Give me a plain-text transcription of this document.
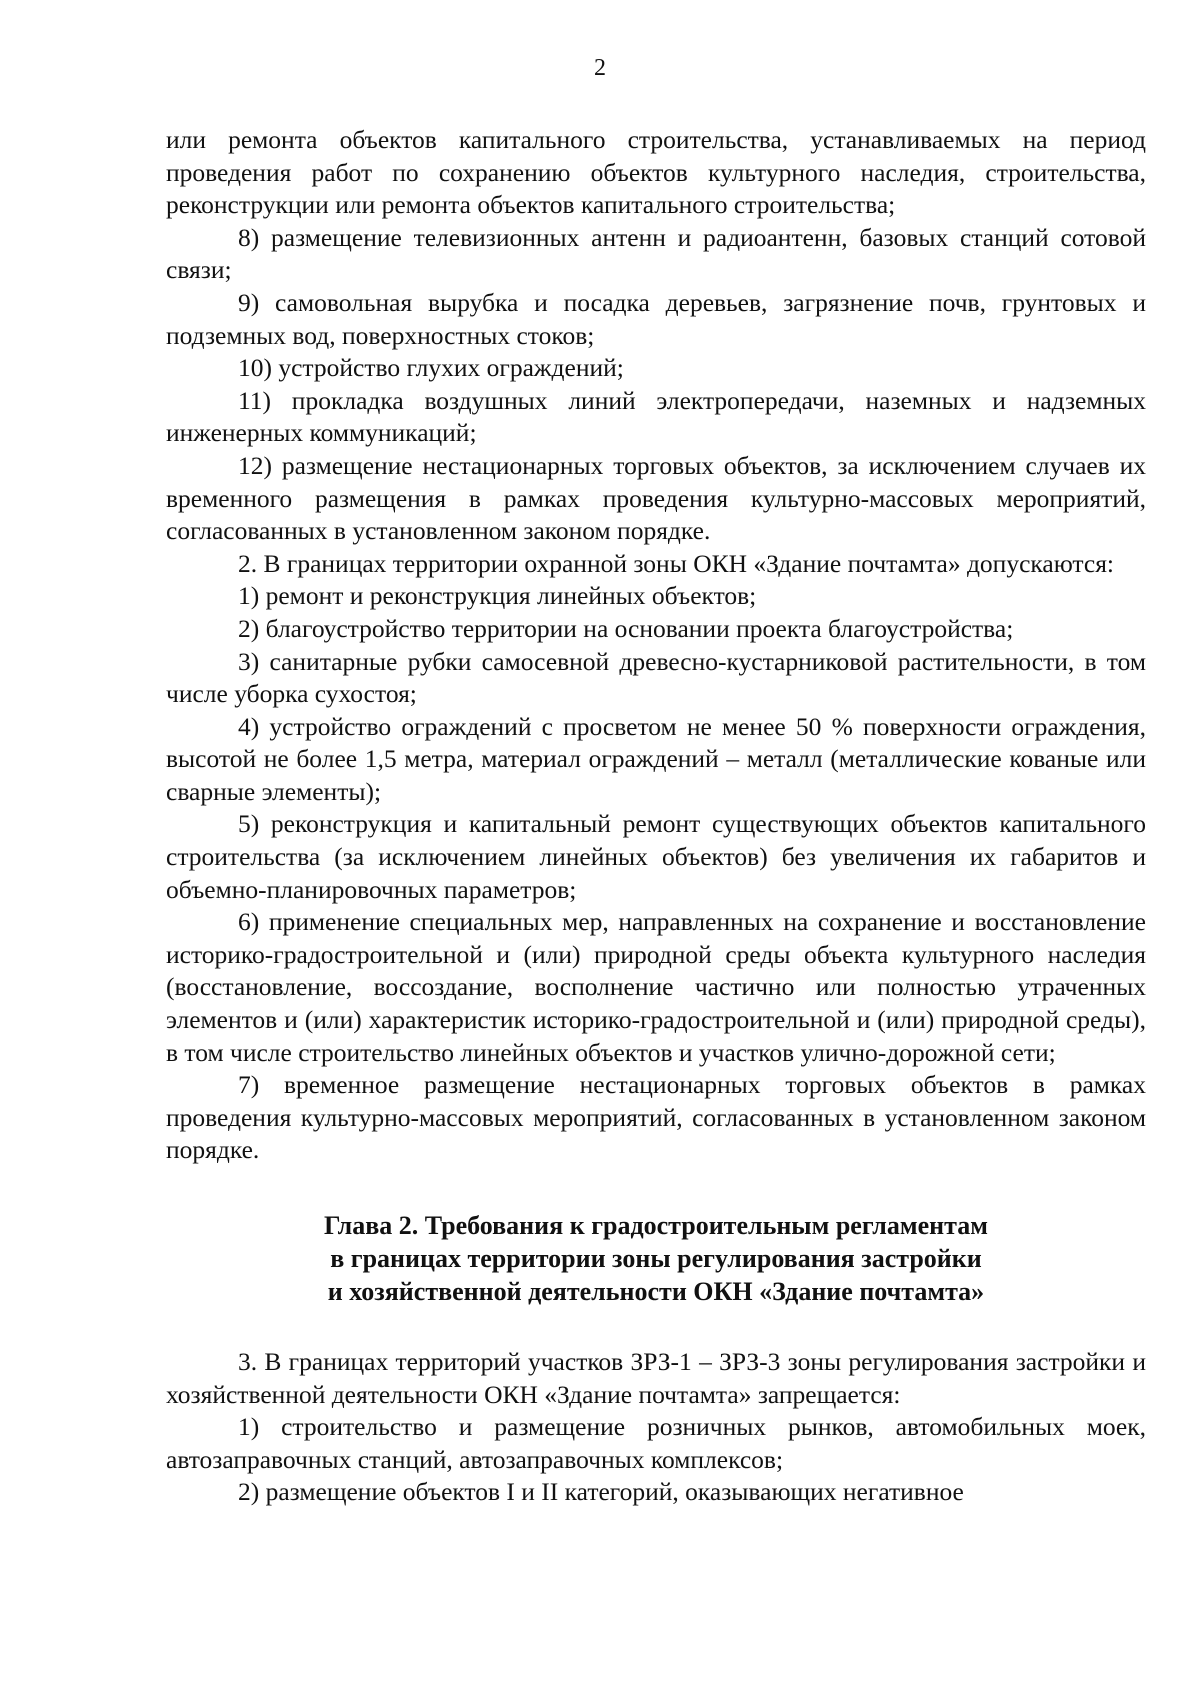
2

или ремонта объектов капитального строительства, устанавливаемых на период проведения работ по сохранению объектов культурного наследия, строительства, реконструкции или ремонта объектов капитального строительства;

8) размещение телевизионных антенн и радиоантенн, базовых станций сотовой связи;

9) самовольная вырубка и посадка деревьев, загрязнение почв, грунтовых и подземных вод, поверхностных стоков;

10) устройство глухих ограждений;

11) прокладка воздушных линий электропередачи, наземных и надземных инженерных коммуникаций;

12) размещение нестационарных торговых объектов, за исключением случаев их временного размещения в рамках проведения культурно-массовых мероприятий, согласованных в установленном законом порядке.

2. В границах территории охранной зоны ОКН «Здание почтамта» допускаются:

1) ремонт и реконструкция линейных объектов;

2) благоустройство территории на основании проекта благоустройства;

3) санитарные рубки самосевной древесно-кустарниковой растительности, в том числе уборка сухостоя;

4) устройство ограждений с просветом не менее 50 % поверхности ограждения, высотой не более 1,5 метра, материал ограждений – металл (металлические кованые или сварные элементы);

5) реконструкция и капитальный ремонт существующих объектов капитального строительства (за исключением линейных объектов) без увеличения их габаритов и объемно-планировочных параметров;

6) применение специальных мер, направленных на сохранение и восстановление историко-градостроительной и (или) природной среды объекта культурного наследия (восстановление, воссоздание, восполнение частично или полностью утраченных элементов и (или) характеристик историко-градостроительной и (или) природной среды), в том числе строительство линейных объектов и участков улично-дорожной сети;

7) временное размещение нестационарных торговых объектов в рамках проведения культурно-массовых мероприятий, согласованных в установленном законом порядке.

Глава 2. Требования к градостроительным регламентам
в границах территории зоны регулирования застройки
и хозяйственной деятельности ОКН «Здание почтамта»

3. В границах территорий участков ЗРЗ-1 – ЗРЗ-3 зоны регулирования застройки и хозяйственной деятельности ОКН «Здание почтамта» запрещается:

1) строительство и размещение розничных рынков, автомобильных моек, автозаправочных станций, автозаправочных комплексов;

2) размещение объектов I и II категорий, оказывающих негативное
